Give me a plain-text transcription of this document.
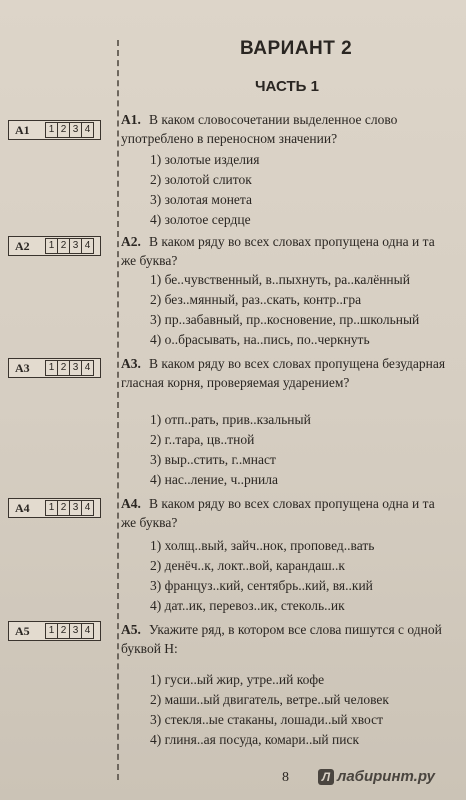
ВАРИАНТ 2
ЧАСТЬ 1
A1	1 2 3 4
A1. В каком словосочетании выделенное слово употреблено в переносном значении?
1) золотые изделия
2) золотой слиток
3) золотая монета
4) золотое сердце
A2	1 2 3 4 A2. В каком ряду во всех словах пропущена одна и та же буква?
1) бе..чувственный, в..пыхнуть, ра..калённый
2) без..мянный, раз..скать, контр..гра
3) пр..забавный, пр..косновение, пр..школьный
4) о..брасывать, на..пись, по..черкнуть
A3	1 2 3 4 A3. В каком ряду во всех словах пропущена безударная гласная корня, проверяемая ударением?
1) отп..рать, прив..кзальный
2) г..тара, цв..тной
3) выр..стить, г..мнаст
4) нас..ление, ч..рнила
A4	1 2 3 4 A4. В каком ряду во всех словах пропущена одна и та же буква?
1) холщ..вый, зайч..нок, проповед..вать
2) денёч..к, локт..вой, карандаш..к
3) француз..кий, сентябрь..кий, вя..кий
4) дат..ик, перевоз..ик, стеколь..ик
A5	1 2 3 4 A5. Укажите ряд, в котором все слова пишутся с одной буквой Н:
1) гуси..ый жир, утре..ий кофе
2) маши..ый двигатель, ветре..ый человек
3) стекля..ые стаканы, лошади..ый хвост
4) глиня..ая посуда, комари..ый писк
8	Л лабиринт.ру
